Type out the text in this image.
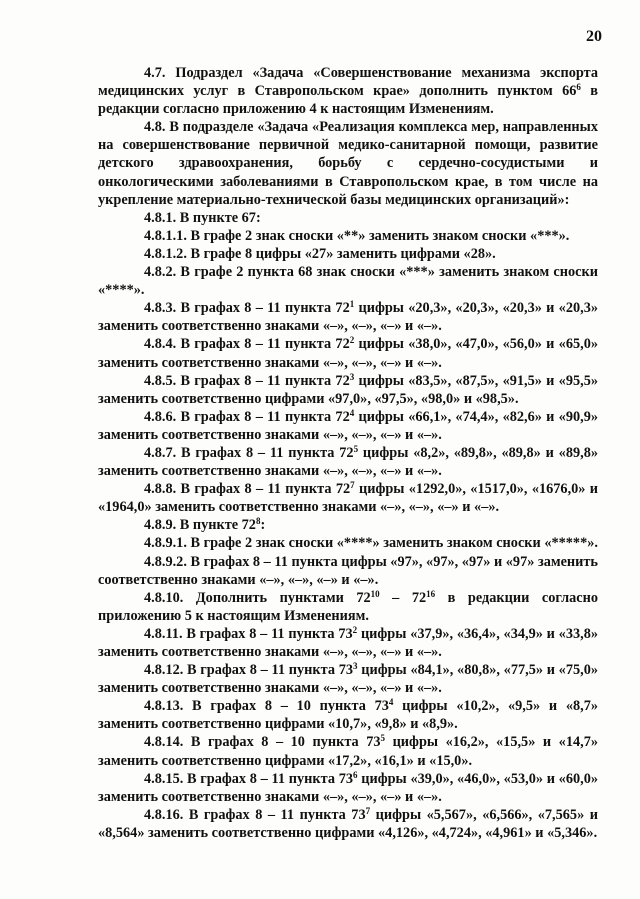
20

4.7. Подраздел «Задача «Совершенствование механизма экспорта медицинских услуг в Ставропольском крае» дополнить пунктом $66^6$ в редакции согласно приложению 4 к настоящим Изменениям.

4.8. В подразделе «Задача «Реализация комплекса мер, направленных на совершенствование первичной медико-санитарной помощи, развитие детского здравоохранения, борьбу с сердечно-сосудистыми и онкологическими заболеваниями в Ставропольском крае, в том числе на укрепление материально-технической базы медицинских организаций»:

4.8.1. В пункте 67:

4.8.1.1. В графе 2 знак сноски «**» заменить знаком сноски «***».

4.8.1.2. В графе 8 цифры «27» заменить цифрами «28».

4.8.2. В графе 2 пункта 68 знак сноски «***» заменить знаком сноски «****».

4.8.3. В графах 8 – 11 пункта $72^1$ цифры «20,3», «20,3», «20,3» и «20,3» заменить соответственно знаками «–», «–», «–» и «–».

4.8.4. В графах 8 – 11 пункта $72^2$ цифры «38,0», «47,0», «56,0» и «65,0» заменить соответственно знаками «–», «–», «–» и «–».

4.8.5. В графах 8 – 11 пункта $72^3$ цифры «83,5», «87,5», «91,5» и «95,5» заменить соответственно цифрами «97,0», «97,5», «98,0» и «98,5».

4.8.6. В графах 8 – 11 пункта $72^4$ цифры «66,1», «74,4», «82,6» и «90,9» заменить соответственно знаками «–», «–», «–» и «–».

4.8.7. В графах 8 – 11 пункта $72^5$ цифры «8,2», «89,8», «89,8» и «89,8» заменить соответственно знаками «–», «–», «–» и «–».

4.8.8. В графах 8 – 11 пункта $72^7$ цифры «1292,0», «1517,0», «1676,0» и «1964,0» заменить соответственно знаками «–», «–», «–» и «–».

4.8.9. В пункте $72^8$:

4.8.9.1. В графе 2 знак сноски «****» заменить знаком сноски «*****».

4.8.9.2. В графах 8 – 11 пункта цифры «97», «97», «97» и «97» заменить соответственно знаками «–», «–», «–» и «–».

4.8.10. Дополнить пунктами $72^{10} - 72^{16}$ в редакции согласно приложению 5 к настоящим Изменениям.

4.8.11. В графах 8 – 11 пункта $73^2$ цифры «37,9», «36,4», «34,9» и «33,8» заменить соответственно знаками «–», «–», «–» и «–».

4.8.12. В графах 8 – 11 пункта $73^3$ цифры «84,1», «80,8», «77,5» и «75,0» заменить соответственно знаками «–», «–», «–» и «–».

4.8.13. В графах 8 – 10 пункта $73^4$ цифры «10,2», «9,5» и «8,7» заменить соответственно цифрами «10,7», «9,8» и «8,9».

4.8.14. В графах 8 – 10 пункта $73^5$ цифры «16,2», «15,5» и «14,7» заменить соответственно цифрами «17,2», «16,1» и «15,0».

4.8.15. В графах 8 – 11 пункта $73^6$ цифры «39,0», «46,0», «53,0» и «60,0» заменить соответственно знаками «–», «–», «–» и «–».

4.8.16. В графах 8 – 11 пункта $73^7$ цифры «5,567», «6,566», «7,565» и «8,564» заменить соответственно цифрами «4,126», «4,724», «4,961» и «5,346».
